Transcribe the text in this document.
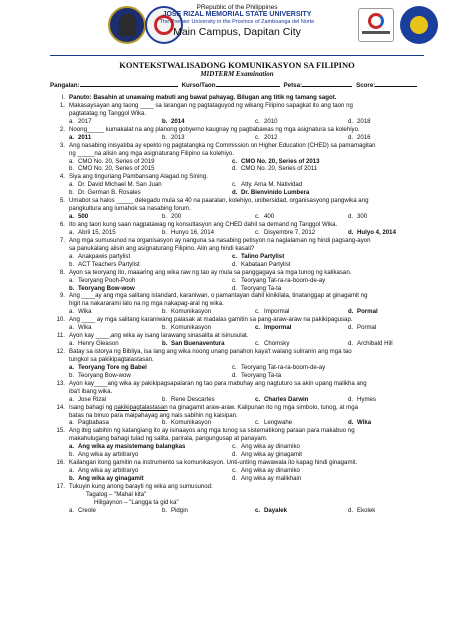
PRepublic of the Philippines
JOSE RIZAL MEMORIAL STATE UNIVERSITY
The Premier University in the Province of Zamboanga del Norte
Main Campus, Dapitan City
KONTEKSTWALISADONG KOMUNIKASYON SA FILIPINO
MIDTERM Examination
Pangalan:	Kurso/Taon	Petsa:	Score:
I. Panuto: Basahin at unawaing mabuti ang bawat pahayag. Bilugan ang titik ng tamang sagot.
1. Makasaysayan ang taong ____ sa larangan ng pagtataguyod ng wikang Filipino sapagkat ito ang taon ng
pagtatatag ng Tanggol Wika.
a. 2017	b. 2014	c. 2010	d. 2018
2. Noong_____ kumakalat na ang planong gobyerno kaugnay ng pagbabawas ng mga asignatura sa kolehiyo.
a. 2011	b. 2013	c. 2012	d. 2016
3. Ang nasabing inisyatiba ay epekto ng pagtatangka ng Commission on Higher Education (CHED) sa pamamagitan
ng _____na alisin ang mga asignaturang Filipino sa kolehiyo.
a. CMO No. 20, Series of 2019	c. CMO No. 20, Series of 2013
b. CMO No. 20, Series of 2015	d. CMO No. 20, Series of 2011
4. Siya ang tinguriang Pambansang Alagad ng Sining.
a. Dr. David Michael M. San Juan	c. Atty. Ama M. Natividad
b. Dr. German B. Rosales	d. Dr. Bienvinido Lumbera
5. Umabot sa halos _____ delegado mula sa 40 na paaralan, kolehiyo, unibersidad, organisasyong pangwika ang
pangkultura ang lumahok sa nasabing forum.
a. 500	b. 200	c. 400	d. 300
6. Ito ang taon kung saan nagpatawag ng konsultasyon ang CHED dahil sa demand ng Tanggol Wika.
a. Abril 15, 2015	b. Hunyo 16, 2014	c. Disyembre 7, 2012	d. Hulyo 4, 2014
7. Ang mga sumusunod na organisasyon ay nanguna sa nasabing petisyon na naglalaman ng hindi pagsang-ayon
sa panukalang alisin ang asignaturang Filipino. Alin ang hindi kasali?
a. Anakpawis partylist	c. Talino Partylist
b. ACT Teachers Partylist	d. Kabataan Partylist
8. Ayon sa teoryang ito, maaaring ang wika raw ng tao ay mula sa panggagaya sa mga tunog ng kalikasan.
a. Teoryang Pooh-Pooh	c. Teoryang Tat-ra-ra-boom-de-ay
b. Teoryang Bow-wow	d. Teoryang Ta-ta
9. Ang ____ay ang mga salitang istandard, karaniwan, o pamantayan dahil kinikilala, tinatanggap at ginagamit ng
higit na nakararami lalo na ng mga nakapag-aral ng wika.
a. Wika	b. Komunikasyon	c. Impormal	d. Pormal
10. Ang ____ ay mga salitang karaniwang palasak at madalas gamitin sa pang-araw-araw na pakikipagusap.
a. Wika	b. Komunikasyon	c. Impormal	d. Pormal
11. Ayon kay ____,ang wika ay isang larawang sinasalita at isinusulat.
a. Henry Gleason	b. San Buenaventura	c. Chomsky	d. Archibald Hill
12. Batay sa istorya ng Bibliya, isa lang ang wika noong unang panahon kaya't walang suliranin ang mga tao
tungkol sa pakikipagtalastasan.
a. Teoryang Tore ng Babel	c. Teoryang Tat-ra-ra-boom-de-ay
b. Teoryang Bow-wow	d. Teoryang Ta-ta
13. Ayon kay____ang wika ay pakikipagsapalaran ng tao para mabuhay ang nagtuturo sa akin upang malikha ang
iba't ibang wika.
a. Jose Rizal	b. Rene Descartes	c. Charles Darwin	d. Hymes
14. Isang bahagi ng pakikipagtalastasan na ginagamit araw-araw. Kalipunan ito ng mga simbolo, tunog, at mga
batas na binuo para maipahayag ang nais sabihin ng kaisipan.
a. Pagbabasa	b. Komunikasyon	c. Lengwahe	d. Wika
15. Ang ibig sabihin ng katangiang ito ay isinaayos ang mga tunog sa sistematikong paraan para makabuo ng
makahulugang bahagi tulad ng salita, parirala, pangungusap at panayam.
a. Ang wika ay masistemang balangkas	c. Ang wika ay dinamiko
b. Ang wika ay arbitraryo	d. Ang wika ay ginagamit
16. Kailangan itong gamitin na instrumento sa komunikasyon. Unti-unting mawawala ito kapag hindi ginagamit.
a. Ang wika ay arbitraryo	c. Ang wika ay dinamiko
b. Ang wika ay ginagamit	d. Ang wika ay malikhain
17. Tukuyin kung anong barayti ng wika ang sumusunod:
Tagalog – "Mahal kita"
Hiligaynon – "Langga ta gid ka"
a. Creole	b. Pidgin	c. Dayalek	d. Ekolek
